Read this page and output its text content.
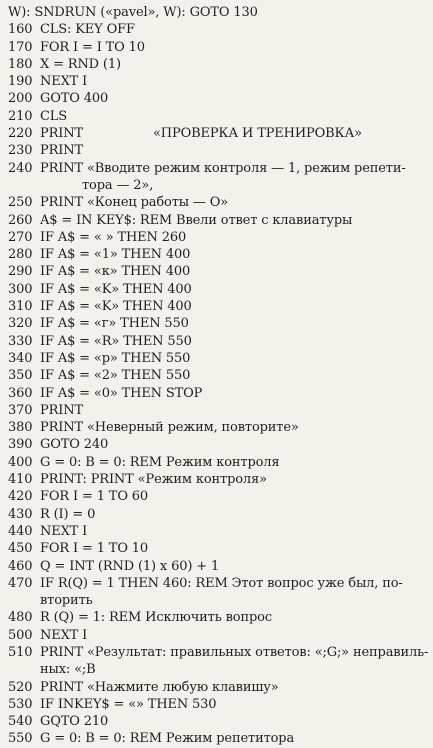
W): SNDRUN («pavel», W): GOTO 130
160 CLS: KEY OFF
170 FOR I = I TO 10
180 X = RND (1)
190 NEXT I
200 GOTO 400
210 CLS
220 PRINT	«ПРОВЕРКА И ТРЕНИРОВКА»
230 PRINT
240 PRINT «Вводите режим контроля — 1, режим репети-
тора — 2»,
250 PRINT «Конец работы — O»
260 A$ = IN KEY$: REM Ввели ответ с клавиатуры
270 IF A$ = « » THEN 260
280 IF A$ = «1» THEN 400
290 IF A$ = «к» THEN 400
300 IF A$ = «K» THEN 400
310 IF A$ = «K» THEN 400
320 IF A$ = «г» THEN 550
330 IF A$ = «R» THEN 550
340 IF A$ = «р» THEN 550
350 IF A$ = «2» THEN 550
360 IF A$ = «0» THEN STOP
370 PRINT
380 PRINT «Неверный режим, повторите»
390 GOTO 240
400 G = 0: B = 0: REM Режим контроля
410 PRINT: PRINT «Режим контроля»
420 FOR I = 1 TO 60
430 R (I) = 0
440 NEXT I
450 FOR I = 1 TO 10
460 Q = INT (RND (1) x 60) + 1
470 IF R(Q) = 1 THEN 460: REM Этот вопрос уже был, по-
вторить
480 R (Q) = 1: REM Исключить вопрос
500 NEXT I
510 PRINT «Результат: правильных ответов: «;G;» неправиль-
ных: «;B
520 PRINT «Нажмите любую клавишу»
530 IF INKEY$ = «» THEN 530
540 GQTO 210
550 G = 0: B = 0: REM Режим репетитора
